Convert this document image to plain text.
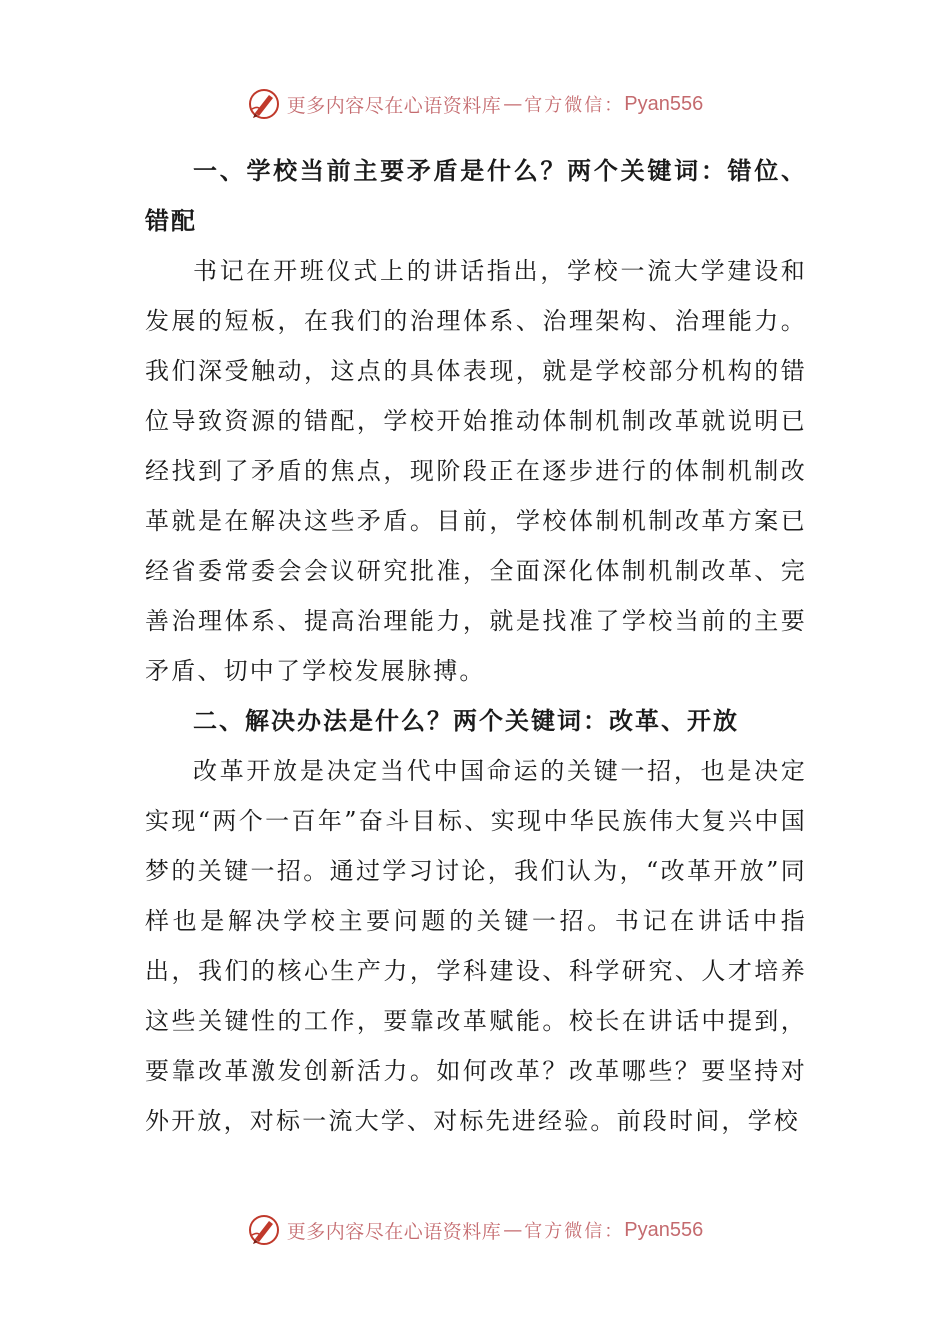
更多内容尽在心语资料库 — 官方微信： Pyan556

一、学校当前主要矛盾是什么？两个关键词：错位、错配

书记在开班仪式上的讲话指出，学校一流大学建设和发展的短板，在我们的治理体系、治理架构、治理能力。我们深受触动，这点的具体表现，就是学校部分机构的错位导致资源的错配，学校开始推动体制机制改革就说明已经找到了矛盾的焦点，现阶段正在逐步进行的体制机制改革就是在解决这些矛盾。目前，学校体制机制改革方案已经省委常委会会议研究批准，全面深化体制机制改革、完善治理体系、提高治理能力，就是找准了学校当前的主要矛盾、切中了学校发展脉搏。

二、解决办法是什么？两个关键词：改革、开放

改革开放是决定当代中国命运的关键一招，也是决定实现“两个一百年”奋斗目标、实现中华民族伟大复兴中国梦的关键一招。通过学习讨论，我们认为，“改革开放”同样也是解决学校主要问题的关键一招。书记在讲话中指出，我们的核心生产力，学科建设、科学研究、人才培养这些关键性的工作，要靠改革赋能。校长在讲话中提到，要靠改革激发创新活力。如何改革？改革哪些？要坚持对外开放，对标一流大学、对标先进经验。前段时间，学校

更多内容尽在心语资料库 — 官方微信： Pyan556
